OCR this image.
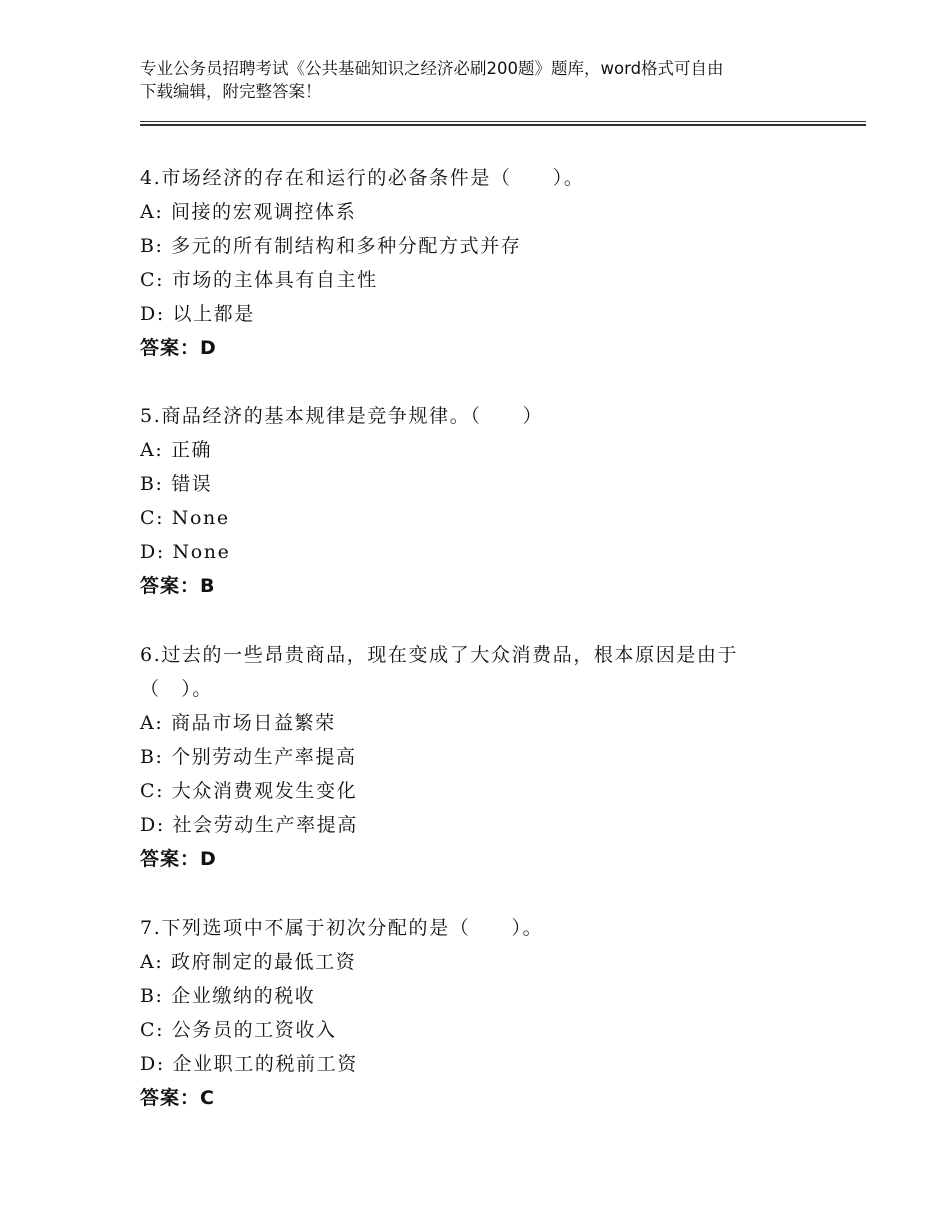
专业公务员招聘考试《公共基础知识之经济必刷200题》题库，word格式可自由
下载编辑，附完整答案！
4.市场经济的存在和运行的必备条件是（　　）。
A: 间接的宏观调控体系
B: 多元的所有制结构和多种分配方式并存
C: 市场的主体具有自主性
D: 以上都是
答案：D
5.商品经济的基本规律是竞争规律。（　　）
A: 正确
B: 错误
C: None
D: None
答案：B
6.过去的一些昂贵商品，现在变成了大众消费品，根本原因是由于（　）。
A: 商品市场日益繁荣
B: 个别劳动生产率提高
C: 大众消费观发生变化
D: 社会劳动生产率提高
答案：D
7.下列选项中不属于初次分配的是（　　）。
A: 政府制定的最低工资
B: 企业缴纳的税收
C: 公务员的工资收入
D: 企业职工的税前工资
答案：C
